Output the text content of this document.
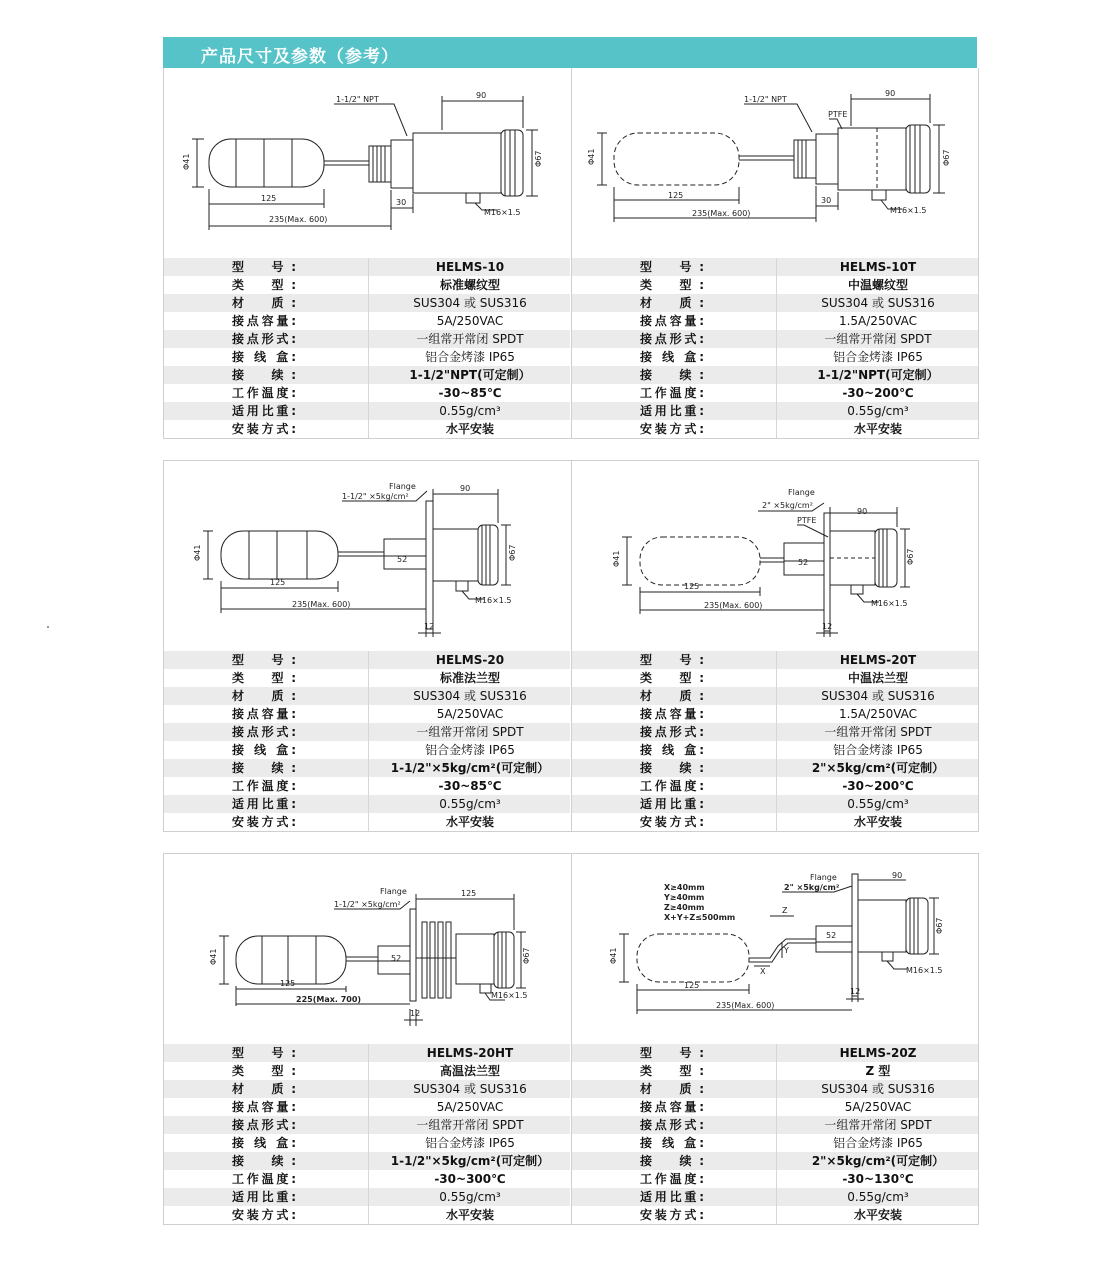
产品尺寸及参数（参考）
1-1/2" NPT	90
Φ67
Φ41
125	30
235(Max. 600)
M16×1.5
型　号:	HELMS-10
类　型:	标准螺纹型
材　质:	SUS304 或 SUS316
接点容量:	5A/250VAC
接点形式:	一组常开常闭 SPDT
接 线 盒:	铝合金烤漆 IP65
接　续:	1-1/2"NPT(可定制）
工作温度:	-30~85℃
适用比重:	0.55g/cm³
安装方式:	水平安装
1-1/2" NPT
PTFE
90
Φ67
Φ41
125
30
235(Max. 600)	M16×1.5
型　号:	HELMS-10T
类　型:	中温螺纹型
材　质:	SUS304 或 SUS316
接点容量:	1.5A/250VAC
接点形式:	一组常开常闭 SPDT
接 线 盒:	铝合金烤漆 IP65
接　续:	1-1/2"NPT(可定制）
工作温度:	-30~200℃
适用比重:	0.55g/cm³
安装方式:	水平安装
Flange
1-1/2" ×5kg/cm²
90
Φ67
Φ41	52
125
235(Max. 600)
12
M16×1.5
型　号:	HELMS-20
类　型:	标准法兰型
材　质:	SUS304 或 SUS316
接点容量:	5A/250VAC
接点形式:	一组常开常闭 SPDT
接 线 盒:	铝合金烤漆 IP65
接　续:	1-1/2"×5kg/cm²(可定制）
工作温度:	-30~85℃
适用比重:	0.55g/cm³
安装方式:	水平安装
Flange
2" ×5kg/cm²
PTFE
90
Φ67
Φ41	52
125
235(Max. 600)
12
M16×1.5
型　号:	HELMS-20T
类　型:	中温法兰型
材　质:	SUS304 或 SUS316
接点容量:	1.5A/250VAC
接点形式:	一组常开常闭 SPDT
接 线 盒:	铝合金烤漆 IP65
接　续:	2"×5kg/cm²(可定制）
工作温度:	-30~200℃
适用比重:	0.55g/cm³
安装方式:	水平安装
Flange
1-1/2" ×5kg/cm²
125
Φ67
Φ41	52
125
225(Max. 700)
12
M16×1.5
型　号:	HELMS-20HT
类　型:	高温法兰型
材　质:	SUS304 或 SUS316
接点容量:	5A/250VAC
接点形式:	一组常开常闭 SPDT
接 线 盒:	铝合金烤漆 IP65
接　续:	1-1/2"×5kg/cm²(可定制）
工作温度:	-30~300℃
适用比重:	0.55g/cm³
安装方式:	水平安装
Flange
2" ×5kg/cm²
X≥40mm
Y≥40mm
Z≥40mm
X+Y+Z≤500mm
Z
Y
X
90
Φ67
Φ41
52
125
235(Max. 600)
12
M16×1.5
型　号:	HELMS-20Z
类　型:	Z 型
材　质:	SUS304 或 SUS316
接点容量:	5A/250VAC
接点形式:	一组常开常闭 SPDT
接 线 盒:	铝合金烤漆 IP65
接　续:	2"×5kg/cm²(可定制）
工作温度:	-30~130℃
适用比重:	0.55g/cm³
安装方式:	水平安装
